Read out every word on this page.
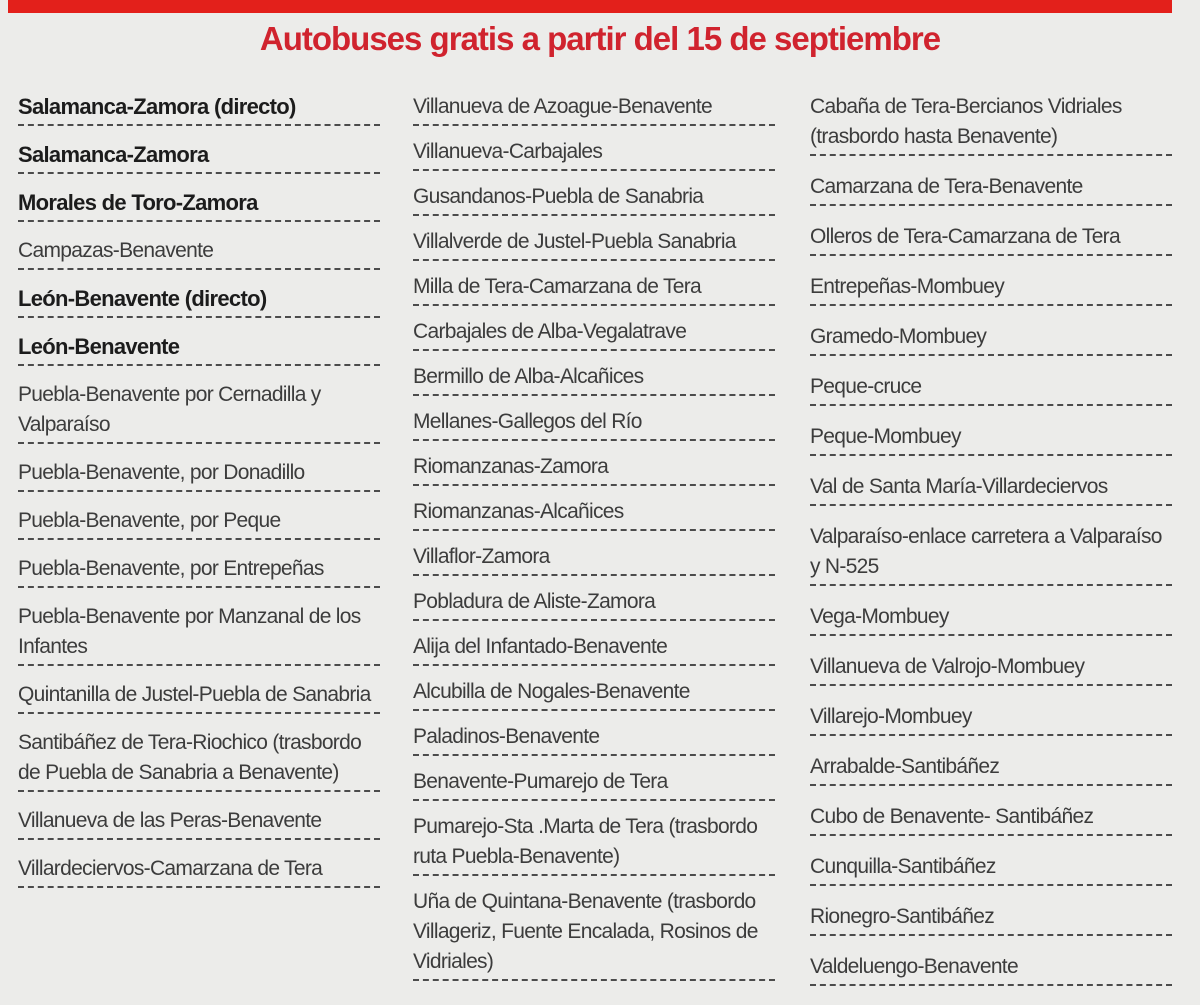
Autobuses gratis a partir del 15 de septiembre
Salamanca-Zamora (directo)
Salamanca-Zamora
Morales de Toro-Zamora
Campazas-Benavente
León-Benavente (directo)
León-Benavente
Puebla-Benavente por Cernadilla y Valparaíso
Puebla-Benavente, por Donadillo
Puebla-Benavente, por Peque
Puebla-Benavente, por Entrepeñas
Puebla-Benavente por Manzanal de los Infantes
Quintanilla de Justel-Puebla de Sanabria
Santibáñez de Tera-Riochico (trasbordo de Puebla de Sanabria a Benavente)
Villanueva de las Peras-Benavente
Villardeciervos-Camarzana de Tera
Villanueva de Azoague-Benavente
Villanueva-Carbajales
Gusandanos-Puebla de Sanabria
Villalverde de Justel-Puebla Sanabria
Milla de Tera-Camarzana de Tera
Carbajales de Alba-Vegalatrave
Bermillo de Alba-Alcañices
Mellanes-Gallegos del Río
Riomanzanas-Zamora
Riomanzanas-Alcañices
Villaflor-Zamora
Pobladura de Aliste-Zamora
Alija del Infantado-Benavente
Alcubilla de Nogales-Benavente
Paladinos-Benavente
Benavente-Pumarejo de Tera
Pumarejo-Sta .Marta de Tera (trasbordo ruta Puebla-Benavente)
Uña de Quintana-Benavente (trasbordo Villageriz, Fuente Encalada, Rosinos de Vidriales)
Cabaña de Tera-Bercianos Vidriales (trasbordo hasta Benavente)
Camarzana de Tera-Benavente
Olleros de Tera-Camarzana de Tera
Entrepeñas-Mombuey
Gramedo-Mombuey
Peque-cruce
Peque-Mombuey
Val de Santa María-Villardeciervos
Valparaíso-enlace carretera a Valparaíso y N-525
Vega-Mombuey
Villanueva de Valrojo-Mombuey
Villarejo-Mombuey
Arrabalde-Santibáñez
Cubo de Benavente- Santibáñez
Cunquilla-Santibáñez
Rionegro-Santibáñez
Valdeluengo-Benavente
